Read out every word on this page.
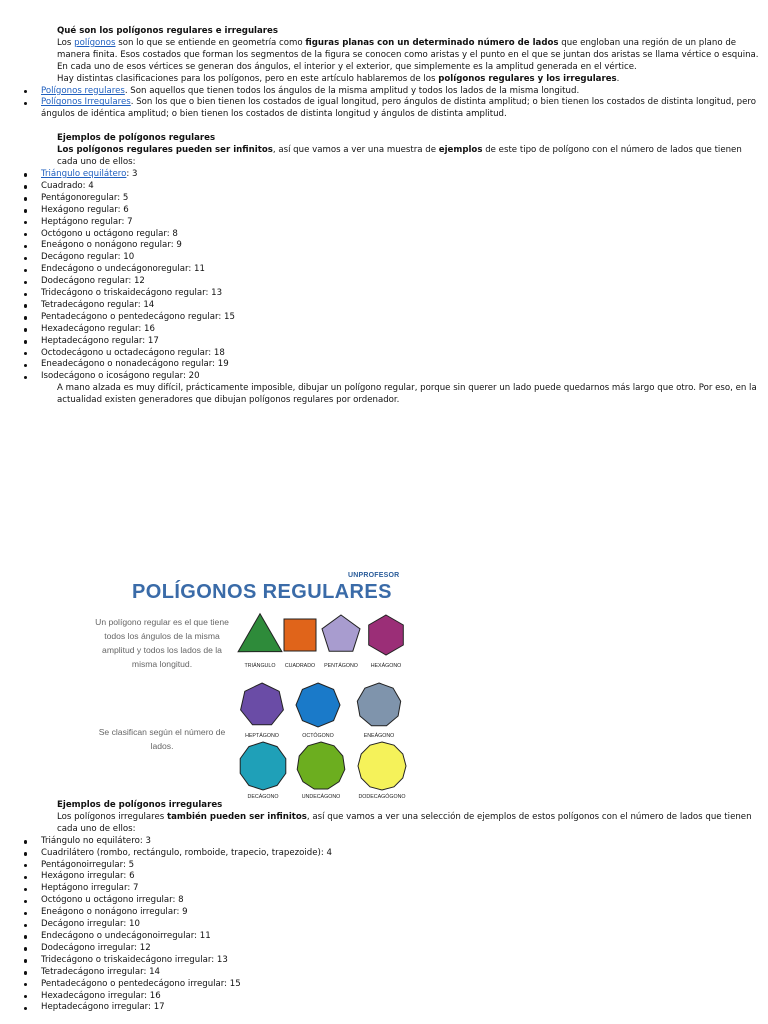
Qué son los polígonos regulares e irregulares
Los polígonos son lo que se entiende en geometría como figuras planas con un determinado número de lados que engloban una región de un plano de manera finita. Esos costados que forman los segmentos de la figura se conocen como aristas y el punto en el que se juntan dos aristas se llama vértice o esquina. En cada uno de esos vértices se generan dos ángulos, el interior y el exterior, que simplemente es la amplitud generada en el vértice.
Hay distintas clasificaciones para los polígonos, pero en este artículo hablaremos de los polígonos regulares y los irregulares.
Polígonos regulares. Son aquellos que tienen todos los ángulos de la misma amplitud y todos los lados de la misma longitud.
Polígonos Irregulares. Son los que o bien tienen los costados de igual longitud, pero ángulos de distinta amplitud; o bien tienen los costados de distinta longitud, pero ángulos de idéntica amplitud; o bien tienen los costados de distinta longitud y ángulos de distinta amplitud.
Ejemplos de polígonos regulares
Los polígonos regulares pueden ser infinitos, así que vamos a ver una muestra de ejemplos de este tipo de polígono con el número de lados que tienen cada uno de ellos:
Triángulo equilátero: 3
Cuadrado: 4
Pentágonoregular: 5
Hexágono regular: 6
Heptágono regular: 7
Octógono u octágono regular: 8
Eneágono o nonágono regular: 9
Decágono regular: 10
Endecágono o undecágonoregular: 11
Dodecágono regular: 12
Tridecágono o triskaidecágono regular: 13
Tetradecágono regular: 14
Pentadecágono o pentedecágono regular: 15
Hexadecágono regular: 16
Heptadecágono regular: 17
Octodecágono u octadecágono regular: 18
Eneadecágono o nonadecágono regular: 19
Isodecágono o icoságono regular: 20
A mano alzada es muy difícil, prácticamente imposible, dibujar un polígono regular, porque sin querer un lado puede quedarnos más largo que otro. Por eso, en la actualidad existen generadores que dibujan polígonos regulares por ordenador.
POLÍGONOS REGULARES
UNPROFESOR
Un polígono regular es el que tiene todos los ángulos de la misma amplitud y todos los lados de la misma longitud.
Se clasifican según el número de lados.
TRIÁNGULO	CUADRADO	PENTÁGONO	HEXÁGONO
HEPTÁGONO	OCTÓGONO	ENEÁGONO
DECÁGONO	UNDECÁGONO	DODECAGÓGONO
Ejemplos de polígonos irregulares
Los polígonos irregulares también pueden ser infinitos, así que vamos a ver una selección de ejemplos de estos polígonos con el número de lados que tienen cada uno de ellos:
Triángulo no equilátero: 3
Cuadrilátero (rombo, rectángulo, romboide, trapecio, trapezoide): 4
Pentágonoirregular: 5
Hexágono irregular: 6
Heptágono irregular: 7
Octógono u octágono irregular: 8
Eneágono o nonágono irregular: 9
Decágono irregular: 10
Endecágono o undecágonoirregular: 11
Dodecágono irregular: 12
Tridecágono o triskaidecágono irregular: 13
Tetradecágono irregular: 14
Pentadecágono o pentedecágono irregular: 15
Hexadecágono irregular: 16
Heptadecágono irregular: 17
